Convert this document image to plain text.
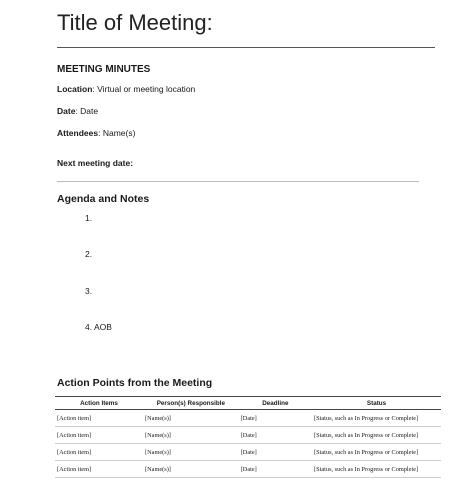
Title of Meeting:
MEETING MINUTES
Location: Virtual or meeting location
Date: Date
Attendees: Name(s)
Next meeting date:
Agenda and Notes
1.
2.
3.
4. AOB
Action Points from the Meeting
Action Items	Person(s) Responsible	Deadline	Status
[Action item]	[Name(s)]	[Date]	[Status, such as In Progress or Complete]
[Action item]	[Name(s)]	[Date]	[Status, such as In Progress or Complete]
[Action item]	[Name(s)]	[Date]	[Status, such as In Progress or Complete]
[Action item]	[Name(s)]	[Date]	[Status, such as In Progress or Complete]
